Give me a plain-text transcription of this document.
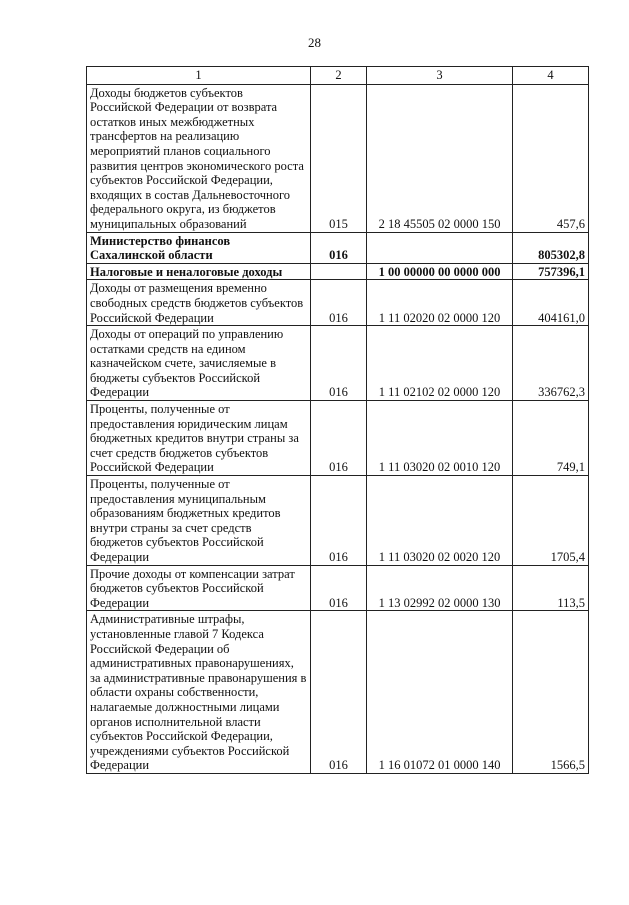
28
1	2	3	4
Доходы бюджетов субъектов Российской Федерации от возврата остатков иных межбюджетных трансфертов на реализацию мероприятий планов социального развития центров экономического роста субъектов Российской Федерации, входящих в состав Дальневосточного федерального округа, из бюджетов муниципальных образований	015	2 18 45505 02 0000 150	457,6
Министерство финансов Сахалинской области	016		805302,8
Налоговые и неналоговые доходы		1 00 00000 00 0000 000	757396,1
Доходы от размещения временно свободных средств бюджетов субъектов Российской Федерации	016	1 11 02020 02 0000 120	404161,0
Доходы от операций по управлению остатками средств на едином казначейском счете, зачисляемые в бюджеты субъектов Российской Федерации	016	1 11 02102 02 0000 120	336762,3
Проценты, полученные от предоставления юридическим лицам бюджетных кредитов внутри страны за счет средств бюджетов субъектов Российской Федерации	016	1 11 03020 02 0010 120	749,1
Проценты, полученные от предоставления муниципальным образованиям бюджетных кредитов внутри страны за счет средств бюджетов субъектов Российской Федерации	016	1 11 03020 02 0020 120	1705,4
Прочие доходы от компенсации затрат бюджетов субъектов Российской Федерации	016	1 13 02992 02 0000 130	113,5
Административные штрафы, установленные главой 7 Кодекса Российской Федерации об административных правонарушениях, за административные правонарушения в области охраны собственности, налагаемые должностными лицами органов исполнительной власти субъектов Российской Федерации, учреждениями субъектов Российской Федерации	016	1 16 01072 01 0000 140	1566,5
